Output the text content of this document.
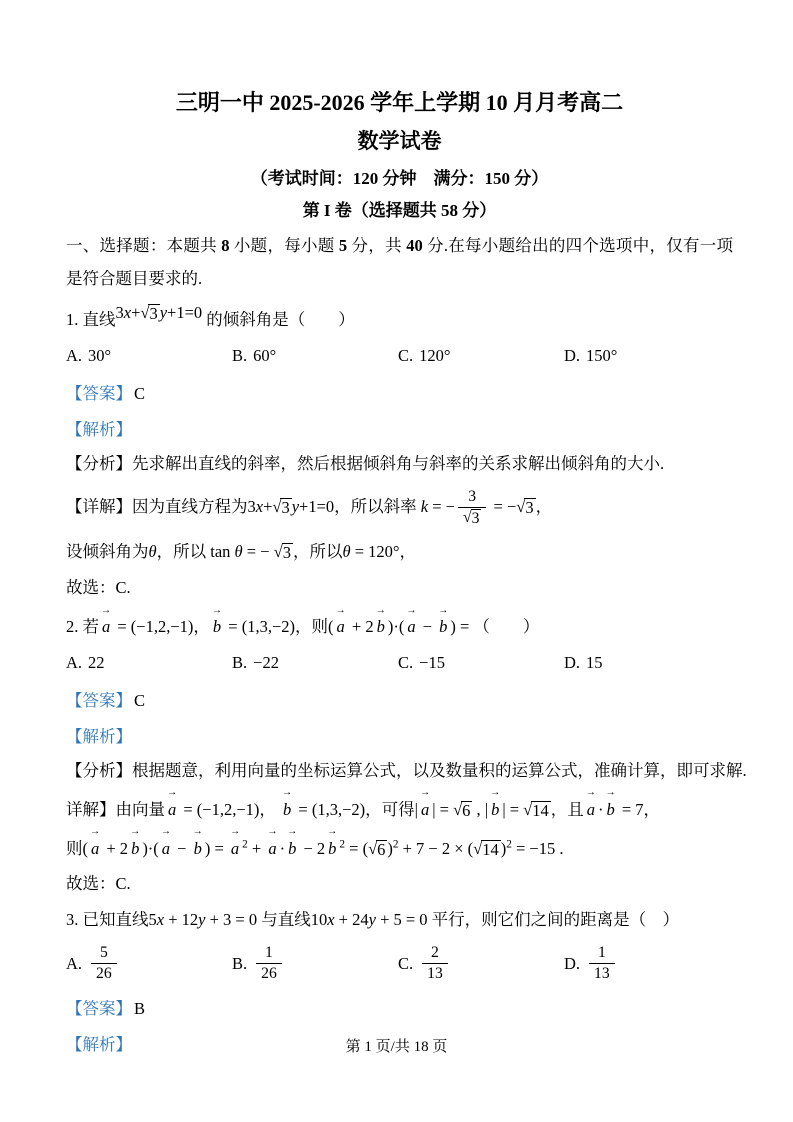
三明一中 2025-2026 学年上学期 10 月月考高二
数学试卷
（考试时间：120 分钟　满分：150 分）
第 I 卷（选择题共 58 分）
一、选择题：本题共 8 小题，每小题 5 分，共 40 分.在每小题给出的四个选项中，仅有一项是符合题目要求的.
1. 直线3x+ √ 3 y+1=0 的倾斜角是（　　）
A. 30°	B. 60°	C. 120°	D. 150°
【答案】 C
【解析】
【分析】先求解出直线的斜率，然后根据倾斜角与斜率的关系求解出倾斜角的大小.
【详解】因为直线方程为3x+ √ 3 y+1=0，所以斜率 k = − $\frac{3}{√ 3}$ = − √ 3 ，
设倾斜角为θ，所以 tan θ = − √ 3 ，所以θ = 120°，
故选：C.
2. 若
→
a = (−1,2,−1)，
→
b = (1,3,−2)，则(
→
a + 2
→
b )·(
→
a −
→
b ) = （　　）
A. 22	B. −22	C. −15	D. 15
【答案】 C
【解析】
【分析】根据题意，利用向量的坐标运算公式，以及数量积的运算公式，准确计算，即可求解.
详解】由向量
→
a = (−1,2,−1)，
→
b = (1,3,−2)，可得|
→
a | = √ 6 , |
→
b | = √ 14 ，且
→
a ·
→
b = 7，
则(
→
a + 2
→
b )·(
→
a −
→
b ) =
→
a $^2$ +
→
a ·
→
b − 2
→
b $^2$ = ( √ 6 )$^2$ + 7 − 2 × ( √ 14 )$^2$ = −15 .
故选：C.
3. 已知直线5x + 12y + 3 = 0 与直线10x + 24y + 5 = 0 平行，则它们之间的距离是（　）
A. $\frac{5}{26}$	B. $\frac{1}{26}$	C. $\frac{2}{13}$	D. $\frac{1}{13}$
【答案】 B
【解析】	第 1 页/共 18 页
